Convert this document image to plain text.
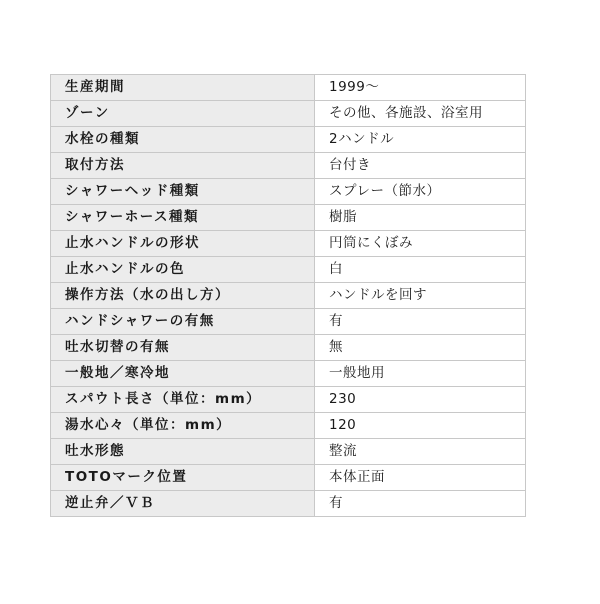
生産期間	1999〜
ゾーン	その他、各施設、浴室用
水栓の種類	2ハンドル
取付方法	台付き
シャワーヘッド種類	スプレー（節水）
シャワーホース種類	樹脂
止水ハンドルの形状	円筒にくぼみ
止水ハンドルの色	白
操作方法（水の出し方）	ハンドルを回す
ハンドシャワーの有無	有
吐水切替の有無	無
一般地／寒冷地	一般地用
スパウト長さ（単位：mm）	230
湯水心々（単位：mm）	120
吐水形態	整流
TOTOマーク位置	本体正面
逆止弁／ＶＢ	有
